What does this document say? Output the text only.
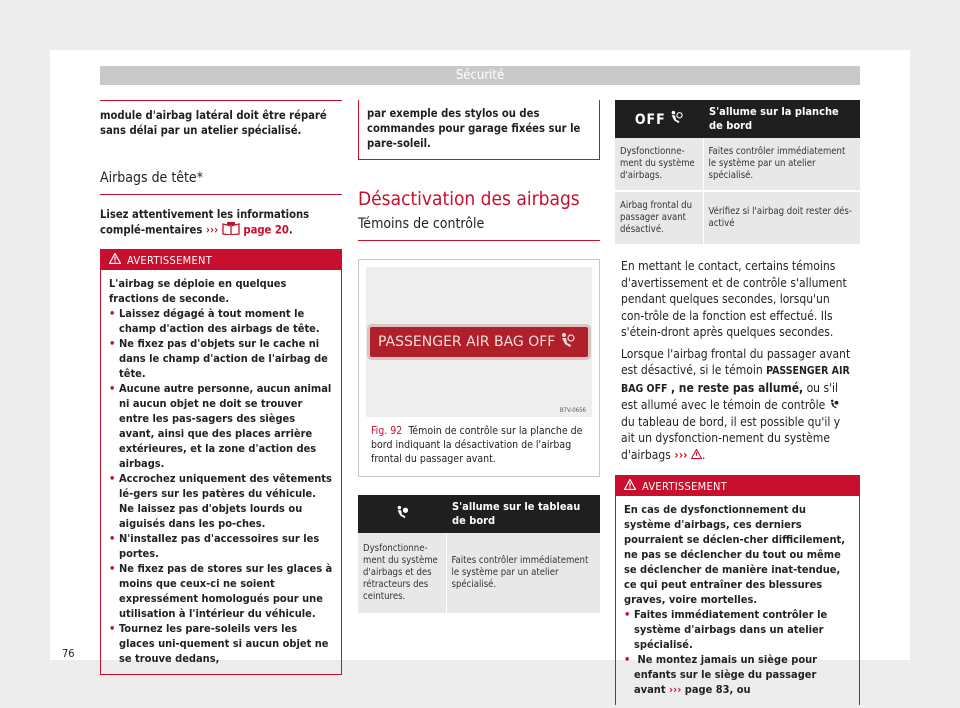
Sécurité

module d'airbag latéral doit être réparé sans délai par un atelier spécialisé.

Airbags de tête*

Lisez attentivement les informations complé-mentaires ››› page 20.

AVERTISSEMENT

L'airbag se déploie en quelques fractions de seconde.

• Laissez dégagé à tout moment le champ d'action des airbags de tête.

• Ne fixez pas d'objets sur le cache ni dans le champ d'action de l'airbag de tête.

• Aucune autre personne, aucun animal ni aucun objet ne doit se trouver entre les pas-sagers des sièges avant, ainsi que des places arrière extérieures, et la zone d'action des airbags.

• Accrochez uniquement des vêtements lé-gers sur les patères du véhicule. Ne laissez pas d'objets lourds ou aiguisés dans les po-ches.

• N'installez pas d'accessoires sur les portes.

• Ne fixez pas de stores sur les glaces à moins que ceux-ci ne soient expressément homologués pour une utilisation à l'intérieur du véhicule.

• Tournez les pare-soleils vers les glaces uni-quement si aucun objet ne se trouve dedans,

par exemple des stylos ou des commandes pour garage fixées sur le pare-soleil.

Désactivation des airbags
Témoins de contrôle
PASSENGER AIR BAG OFF
B7V-0656

Fig. 92 Témoin de contrôle sur la planche de bord indiquant la désactivation de l'airbag frontal du passager avant.

	S'allume sur le tableau de bord
Dysfonctionne-ment du système d'airbags et des rétracteurs des ceintures.	Faites contrôler immédiatement le système par un atelier spécialisé.
OFF	S'allume sur la planche de bord
Dysfonctionne-ment du système d'airbags.	Faites contrôler immédiatement le système par un atelier spécialisé.
Airbag frontal du passager avant désactivé.	Vérifiez si l'airbag doit rester dés-activé

En mettant le contact, certains témoins d'avertissement et de contrôle s'allument pendant quelques secondes, lorsqu'un con-trôle de la fonction est effectué. Ils s'étein-dront après quelques secondes.

Lorsque l'airbag frontal du passager avant est désactivé, si le témoin PASSENGER AIR BAG OFF , ne reste pas allumé, ou s'il est allumé avec le témoin de contrôle  du tableau de bord, il est possible qu'il y ait un dysfonction-nement du système d'airbags ››› .

AVERTISSEMENT

En cas de dysfonctionnement du système d'airbags, ces derniers pourraient se déclen-cher difficilement, ne pas se déclencher du tout ou même se déclencher de manière inat-tendue, ce qui peut entraîner des blessures graves, voire mortelles.

• Faites immédiatement contrôler le système d'airbags dans un atelier spécialisé.

• Ne montez jamais un siège pour enfants sur le siège du passager avant ››› page 83, ou

76
